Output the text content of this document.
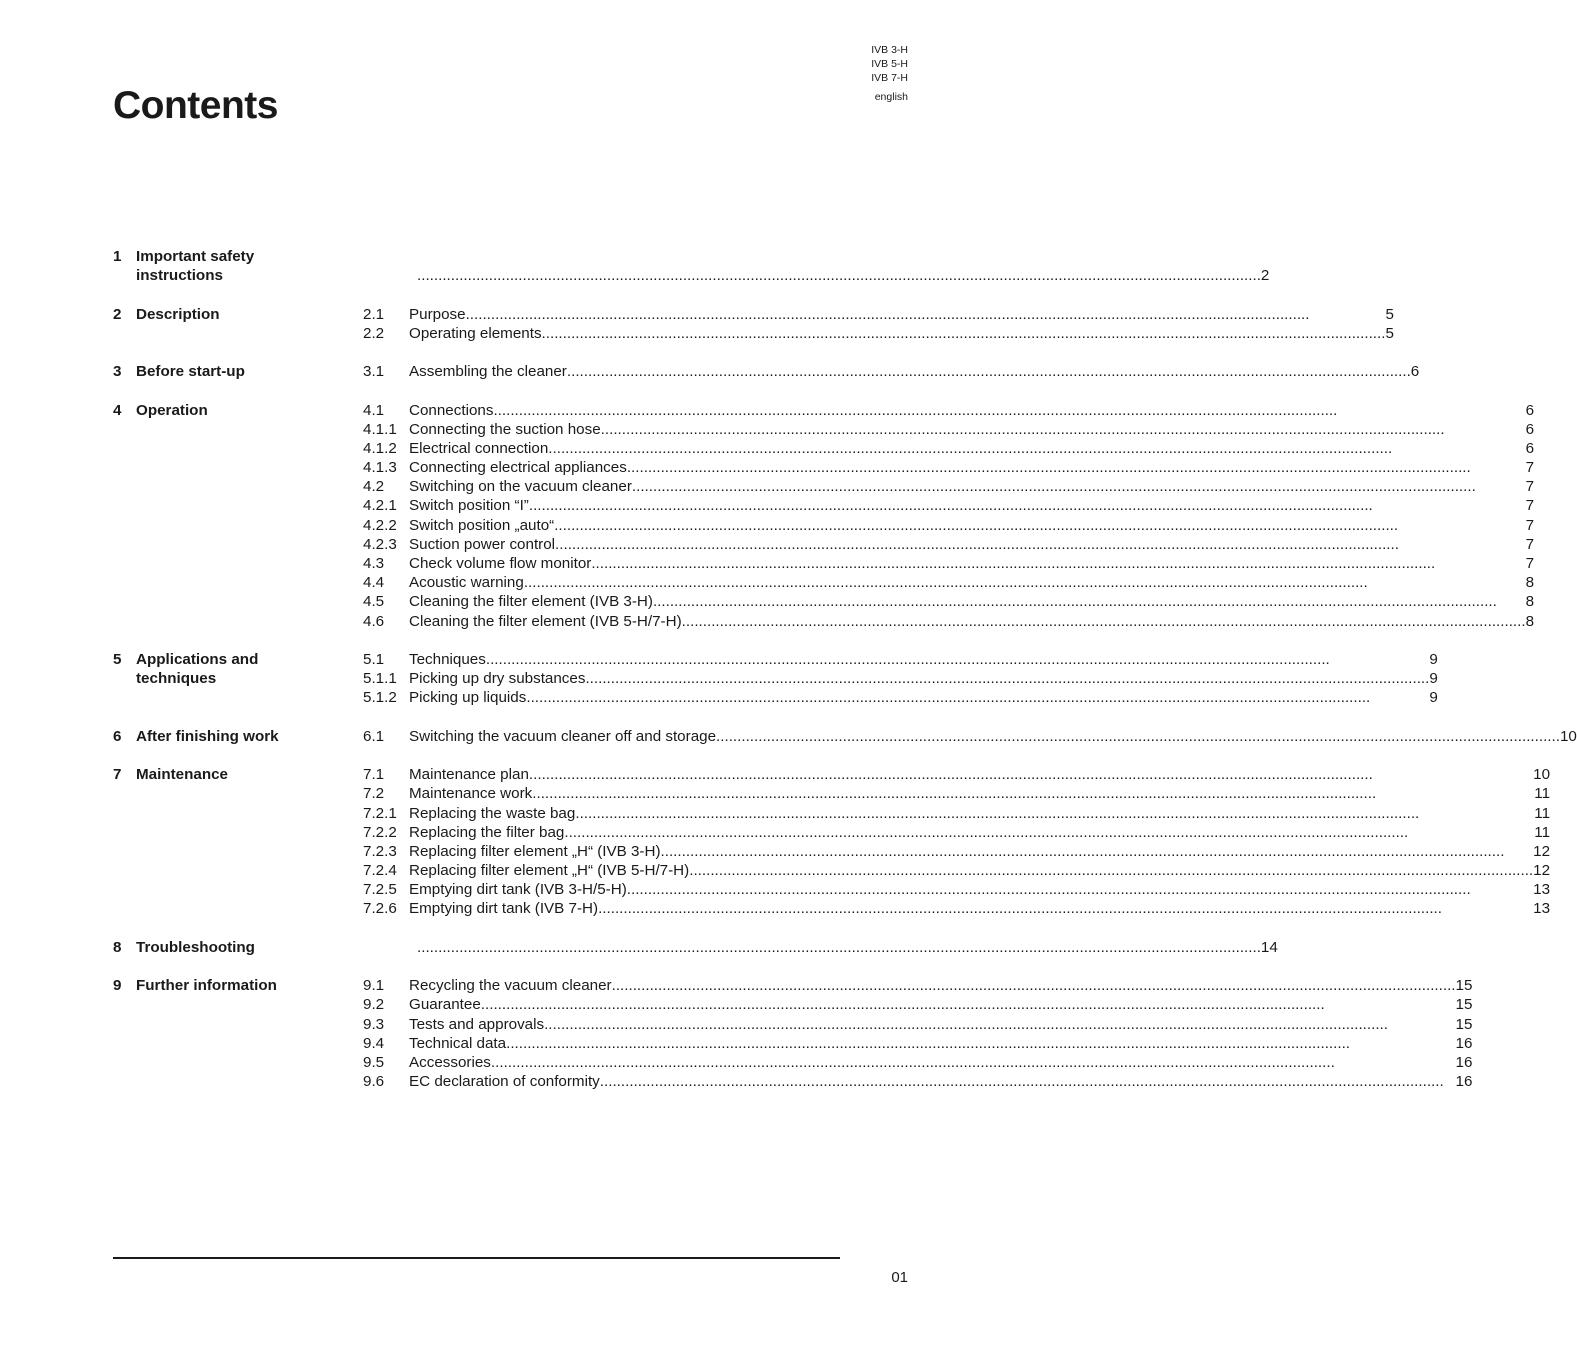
IVB 3-H
IVB 5-H
IVB 7-H
english
Contents
1 Important safety instructions .....	2
2 Description	2.1	Purpose .....	5
2.2	Operating elements .....	5
3 Before start-up	3.1	Assembling the cleaner .....	6
4 Operation	4.1	Connections .....	6
4.1.1 Connecting the suction hose .....	6
4.1.2 Electrical connection .....	6
4.1.3 Connecting electrical appliances .....	7
4.2	Switching on the vacuum cleaner .....	7
4.2.1 Switch position “I” .....	7
4.2.2 Switch position „auto“ .....	7
4.2.3 Suction power control .....	7
4.3	Check volume flow monitor .....	7
4.4	Acoustic warning .....	8
4.5	Cleaning the filter element (IVB 3-H) .....	8
4.6	Cleaning the filter element (IVB 5-H/7-H) .....	8
5 Applications and techniques
5.1	Techniques .....	9
5.1.1 Picking up dry substances .....	9
5.1.2 Picking up liquids .....	9
6 After finishing work	6.1	Switching the vacuum cleaner off and storage .....	10
7 Maintenance	7.1	Maintenance plan .....	10
7.2	Maintenance work .....	11
7.2.1 Replacing the waste bag .....	11
7.2.2 Replacing the filter bag .....	11
7.2.3 Replacing filter element „H“ (IVB 3-H) .....	12
7.2.4 Replacing filter element „H“ (IVB 5-H/7-H) .....	12
7.2.5 Emptying dirt tank (IVB 3-H/5-H) .....	13
7.2.6 Emptying dirt tank (IVB 7-H) .....	13
8 Troubleshooting .....	14
9 Further information	9.1	Recycling the vacuum cleaner .....	15
9.2	Guarantee .....	15
9.3	Tests and approvals .....	15
9.4	Technical data .....	16
9.5	Accessories .....	16
9.6	EC declaration of conformity .....	16
01
